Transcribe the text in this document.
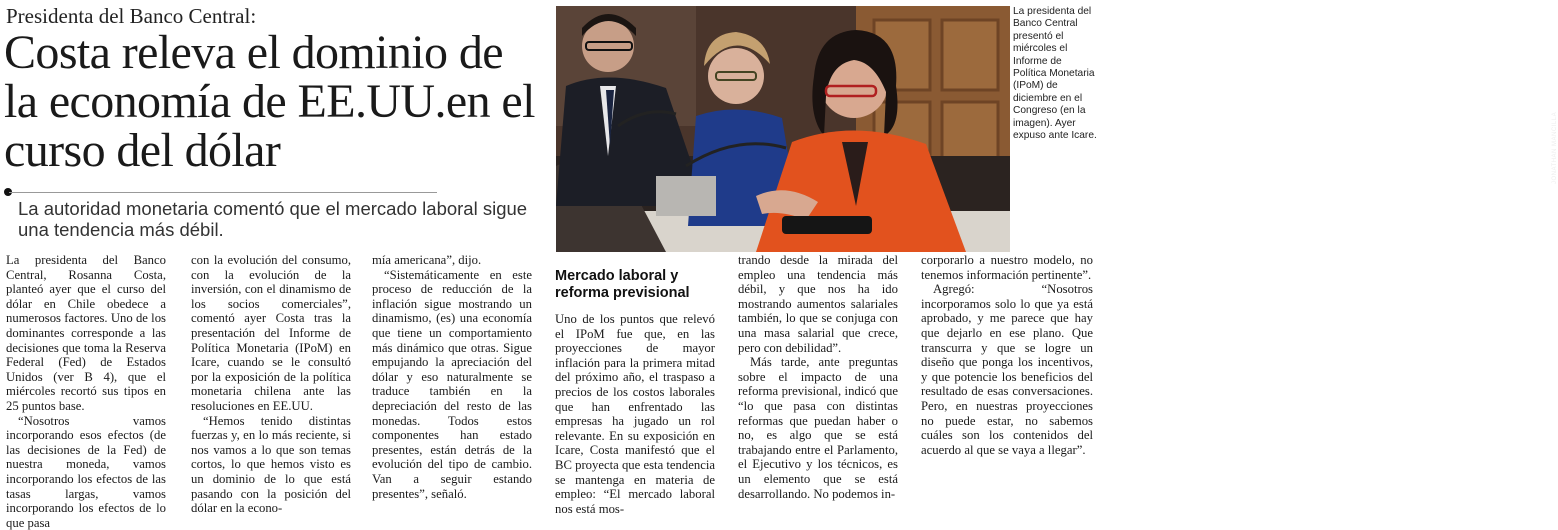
Presidenta del Banco Central:
Costa releva el dominio de la economía de EE.UU.en el curso del dólar

La autoridad monetaria comentó que el mercado laboral sigue una tendencia más débil.

La presidenta del Banco Central, Rosanna Costa, planteó ayer que el curso del dólar en Chile obedece a numerosos factores. Uno de los dominantes corresponde a las decisiones que toma la Reserva Federal (Fed) de Estados Unidos (ver B 4), que el miércoles recortó sus tipos en 25 puntos base.

“Nosotros vamos incorporando esos efectos (de las decisiones de la Fed) de nuestra moneda, vamos incorporando los efectos de las tasas largas, vamos incorporando los efectos de lo que pasa

con la evolución del consumo, con la evolución de la inversión, con el dinamismo de los socios comerciales”, comentó ayer Costa tras la presentación del Informe de Política Monetaria (IPoM) en Icare, cuando se le consultó por la exposición de la política monetaria chilena ante las resoluciones en EE.UU.

“Hemos tenido distintas fuerzas y, en lo más reciente, si nos vamos a lo que son temas cortos, lo que hemos visto es un dominio de lo que está pasando con la posición del dólar en la econo-

mía americana”, dijo.

“Sistemáticamente en este proceso de reducción de la inflación sigue mostrando un dinamismo, (es) una economía que tiene un comportamiento más dinámico que otras. Sigue empujando la apreciación del dólar y eso naturalmente se traduce también en la depreciación del resto de las monedas. Todos estos componentes han estado presentes, están detrás de la evolución del tipo de cambio. Van a seguir estando presentes”, señaló.

Mercado laboral y reforma previsional

Uno de los puntos que relevó el IPoM fue que, en las proyecciones de mayor inflación para la primera mitad del próximo año, el traspaso a precios de los costos laborales que han enfrentado las empresas ha jugado un rol relevante. En su exposición en Icare, Costa manifestó que el BC proyecta que esta tendencia se mantenga en materia de empleo: “El mercado laboral nos está mos-

trando desde la mirada del empleo una tendencia más débil, y que nos ha ido mostrando aumentos salariales también, lo que se conjuga con una masa salarial que crece, pero con debilidad”.

Más tarde, ante preguntas sobre el impacto de una reforma previsional, indicó que “lo que pasa con distintas reformas que puedan haber o no, es algo que se está trabajando entre el Parlamento, el Ejecutivo y los técnicos, es un elemento que se está desarrollando. No podemos in-

corporarlo a nuestro modelo, no tenemos información pertinente”.

Agregó: “Nosotros incorporamos solo lo que ya está aprobado, y me parece que hay que dejarlo en ese plano. Que transcurra y que se logre un diseño que ponga los incentivos, y que potencie los beneficios del resultado de esas conversaciones. Pero, en nuestras proyecciones no puede estar, no sabemos cuáles son los contenidos del acuerdo al que se vaya a llegar”.

JONATHAN MANCILLA

La presidenta del Banco Central presentó el miércoles el Informe de Política Monetaria (IPoM) de diciembre en el Congreso (en la imagen). Ayer expuso ante Icare.
